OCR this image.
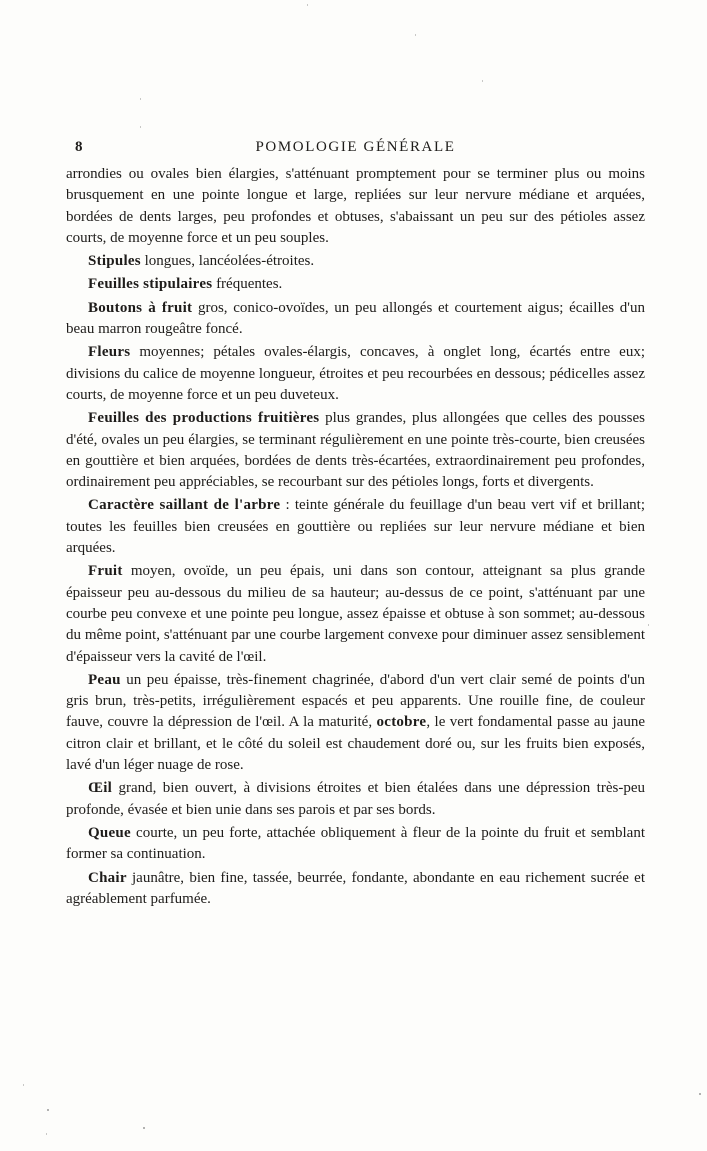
8	POMOLOGIE GÉNÉRALE

arrondies ou ovales bien élargies, s'atténuant promptement pour se terminer plus ou moins brusquement en une pointe longue et large, repliées sur leur nervure médiane et arquées, bordées de dents larges, peu profondes et obtuses, s'abaissant un peu sur des pétioles assez courts, de moyenne force et un peu souples.

Stipules longues, lancéolées-étroites.

Feuilles stipulaires fréquentes.

Boutons à fruit gros, conico-ovoïdes, un peu allongés et courtement aigus; écailles d'un beau marron rougeâtre foncé.

Fleurs moyennes; pétales ovales-élargis, concaves, à onglet long, écartés entre eux; divisions du calice de moyenne longueur, étroites et peu recourbées en dessous; pédicelles assez courts, de moyenne force et un peu duveteux.

Feuilles des productions fruitières plus grandes, plus allongées que celles des pousses d'été, ovales un peu élargies, se terminant régulièrement en une pointe très-courte, bien creusées en gouttière et bien arquées, bordées de dents très-écartées, extraordinairement peu profondes, ordinairement peu appréciables, se recourbant sur des pétioles longs, forts et divergents.

Caractère saillant de l'arbre : teinte générale du feuillage d'un beau vert vif et brillant; toutes les feuilles bien creusées en gouttière ou repliées sur leur nervure médiane et bien arquées.

Fruit moyen, ovoïde, un peu épais, uni dans son contour, atteignant sa plus grande épaisseur peu au-dessous du milieu de sa hauteur; au-dessus de ce point, s'atténuant par une courbe peu convexe et une pointe peu longue, assez épaisse et obtuse à son sommet; au-dessous du même point, s'atténuant par une courbe largement convexe pour diminuer assez sensiblement d'épaisseur vers la cavité de l'œil.

Peau un peu épaisse, très-finement chagrinée, d'abord d'un vert clair semé de points d'un gris brun, très-petits, irrégulièrement espacés et peu apparents. Une rouille fine, de couleur fauve, couvre la dépression de l'œil. A la maturité, octobre, le vert fondamental passe au jaune citron clair et brillant, et le côté du soleil est chaudement doré ou, sur les fruits bien exposés, lavé d'un léger nuage de rose.

Œil grand, bien ouvert, à divisions étroites et bien étalées dans une dépression très-peu profonde, évasée et bien unie dans ses parois et par ses bords.

Queue courte, un peu forte, attachée obliquement à fleur de la pointe du fruit et semblant former sa continuation.

Chair jaunâtre, bien fine, tassée, beurrée, fondante, abondante en eau richement sucrée et agréablement parfumée.
